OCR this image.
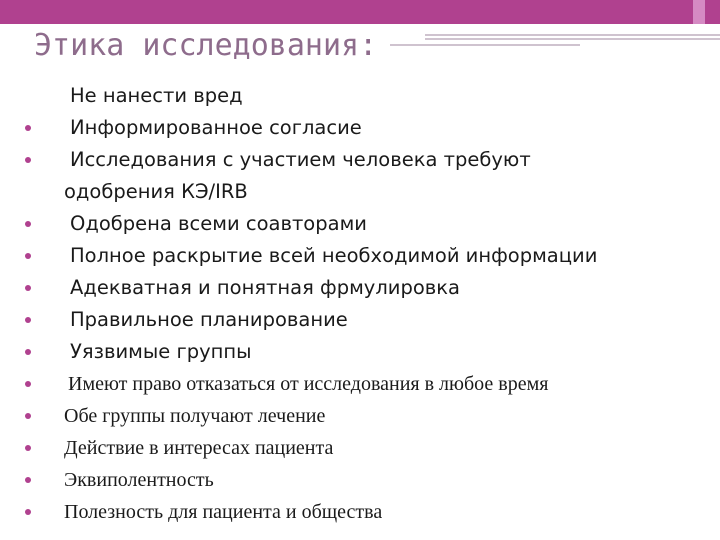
Этика исследования:
Не нанести вред
Информированное согласие
Исследования с участием человека требуют
одобрения КЭ/IRB
Одобрена всеми соавторами
Полное раскрытие всей необходимой информации
Адекватная и понятная фрмулировка
Правильное планирование
Уязвимые группы
Имеют право отказаться от исследования в любое время
Обе группы получают лечение
Действие в интересах пациента
Эквиполентность
Полезность для пациента и общества
